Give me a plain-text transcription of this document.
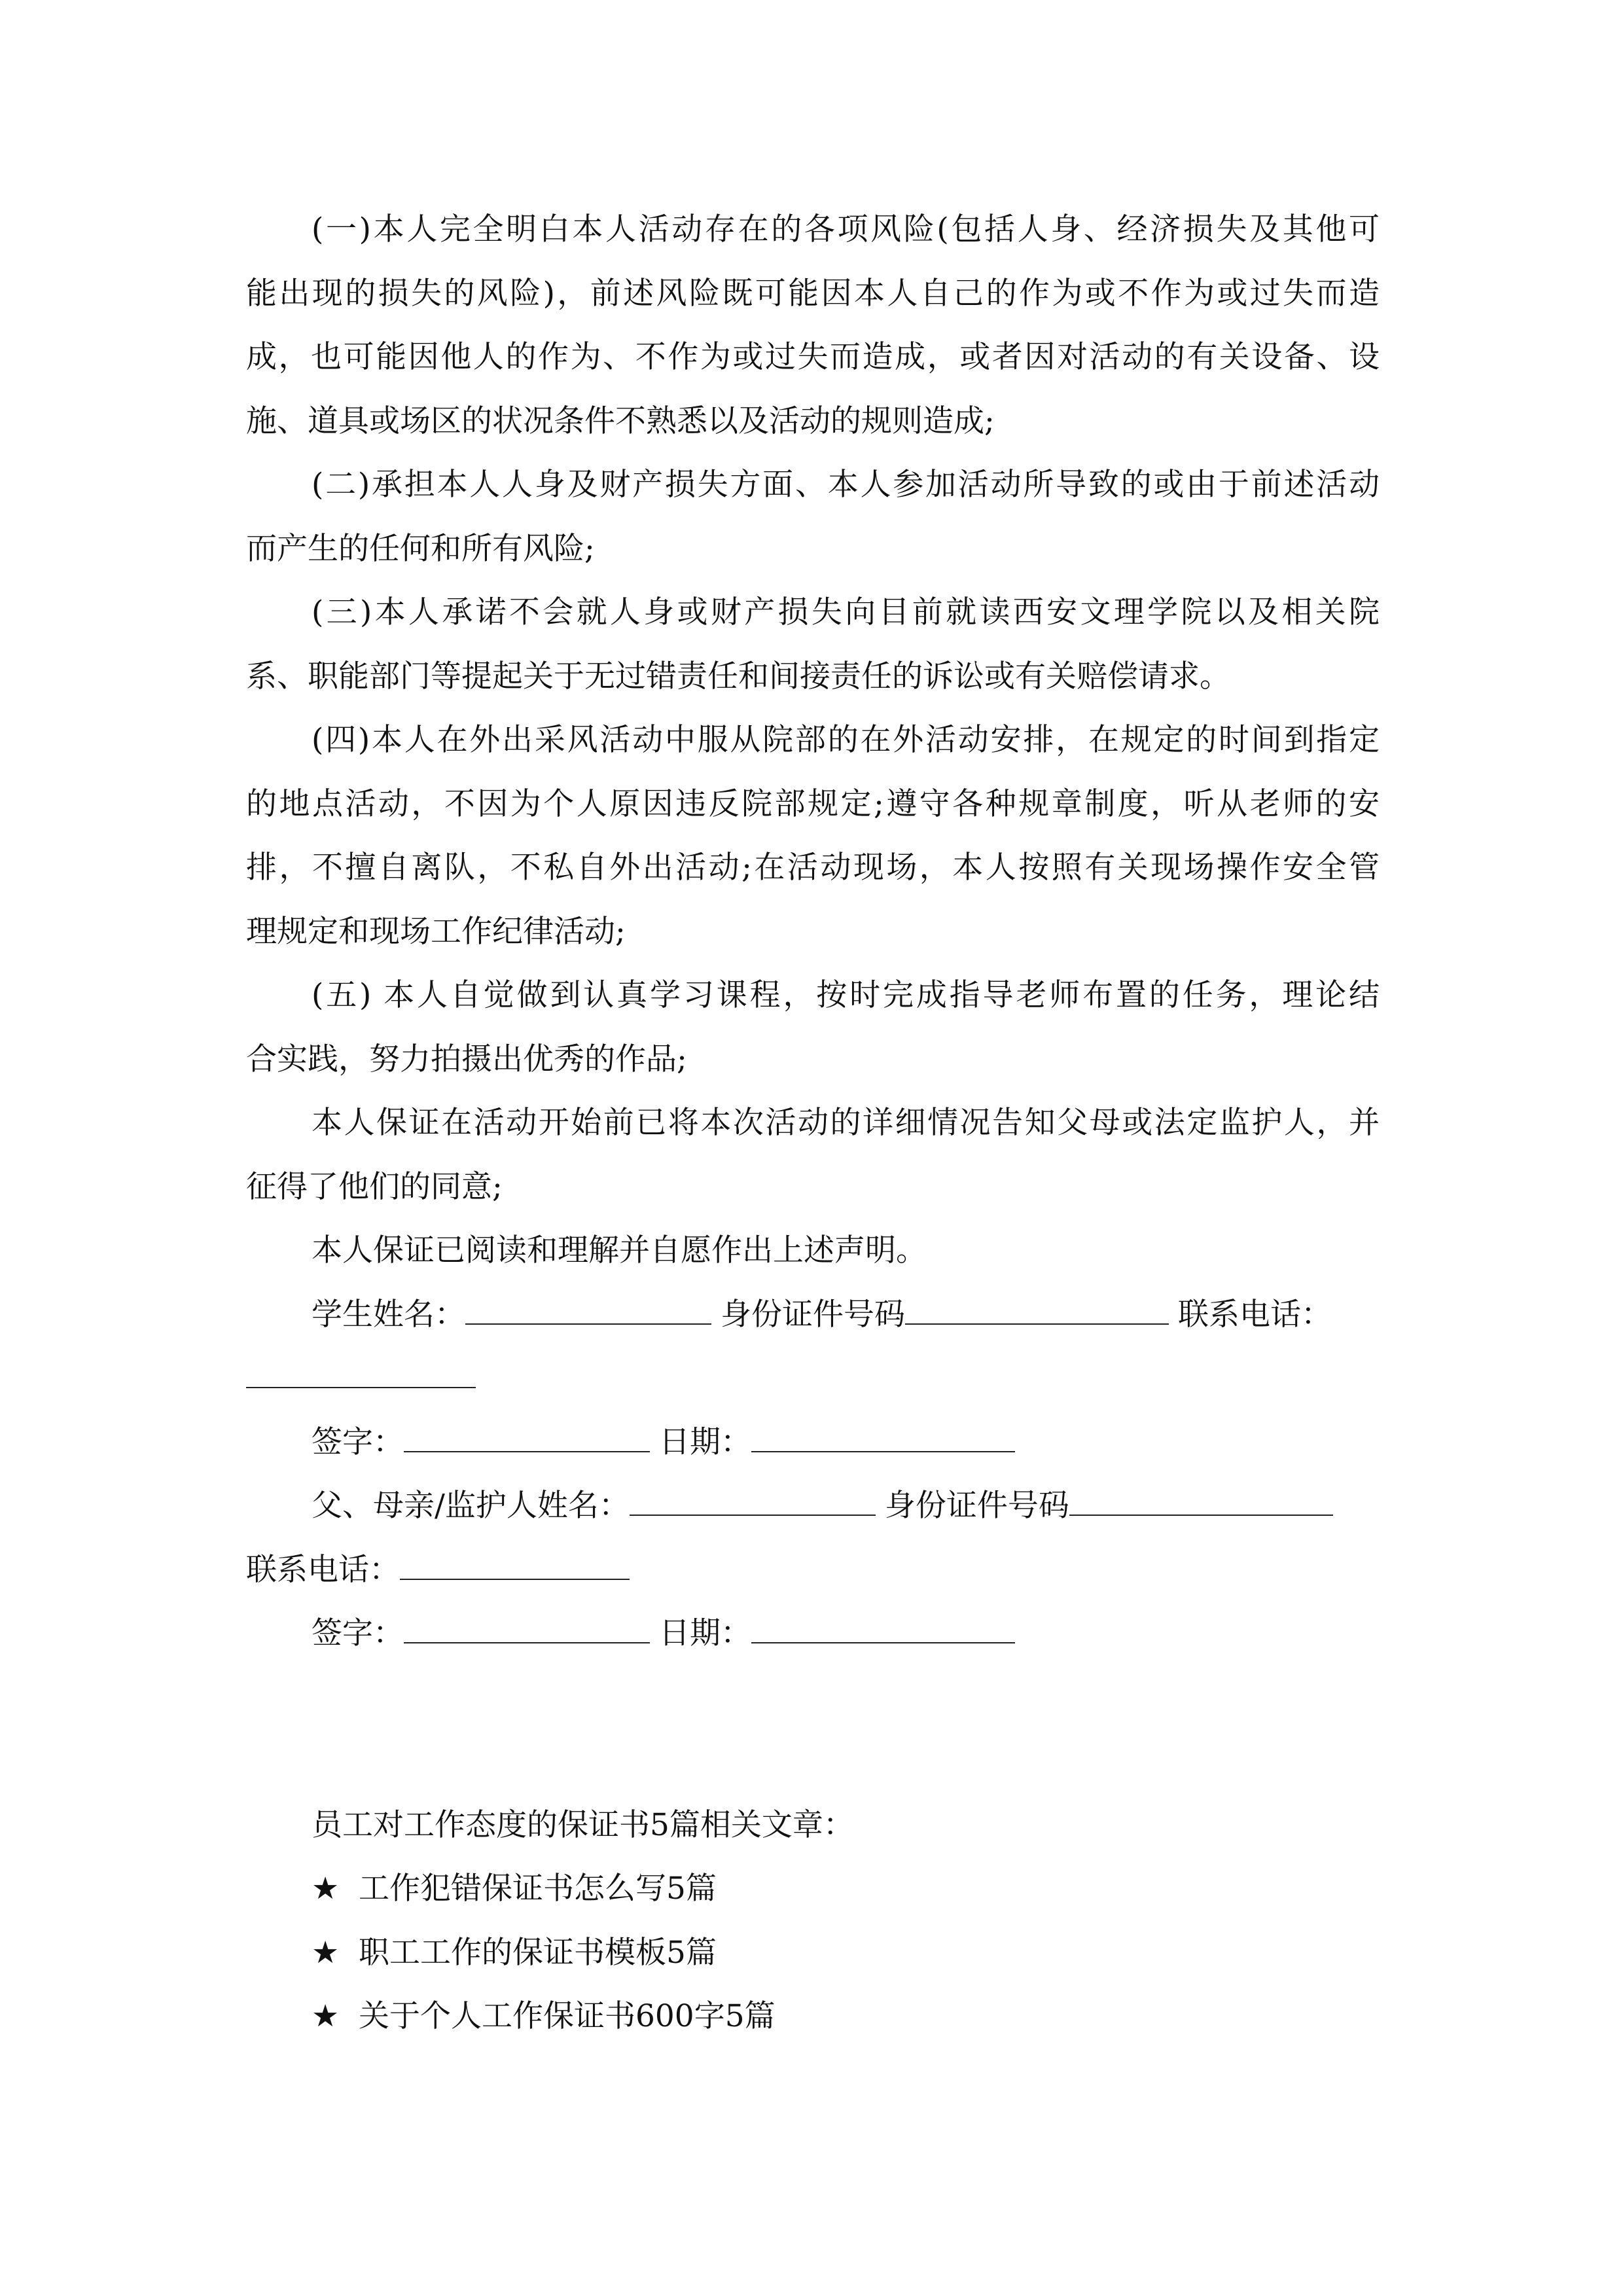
(一)本人完全明白本人活动存在的各项风险(包括人身、经济损失及其他可
能出现的损失的风险)，前述风险既可能因本人自己的作为或不作为或过失而造
成，也可能因他人的作为、不作为或过失而造成，或者因对活动的有关设备、设
施、道具或场区的状况条件不熟悉以及活动的规则造成;
(二)承担本人人身及财产损失方面、本人参加活动所导致的或由于前述活动
而产生的任何和所有风险;
(三)本人承诺不会就人身或财产损失向目前就读西安文理学院以及相关院
系、职能部门等提起关于无过错责任和间接责任的诉讼或有关赔偿请求。
(四)本人在外出采风活动中服从院部的在外活动安排，在规定的时间到指定
的地点活动，不因为个人原因违反院部规定;遵守各种规章制度，听从老师的安
排，不擅自离队，不私自外出活动;在活动现场，本人按照有关现场操作安全管
理规定和现场工作纪律活动;
(五) 本人自觉做到认真学习课程，按时完成指导老师布置的任务，理论结
合实践，努力拍摄出优秀的作品;
本人保证在活动开始前已将本次活动的详细情况告知父母或法定监护人，并
征得了他们的同意;
本人保证已阅读和理解并自愿作出上述声明。
学生姓名：	身份证件号码	联系电话：
签字：	日期：
父、母亲/监护人姓名：	身份证件号码
联系电话：
签字：	日期：
员工对工作态度的保证书5篇相关文章：
★ 工作犯错保证书怎么写5篇
★ 职工工作的保证书模板5篇
★ 关于个人工作保证书600字5篇
